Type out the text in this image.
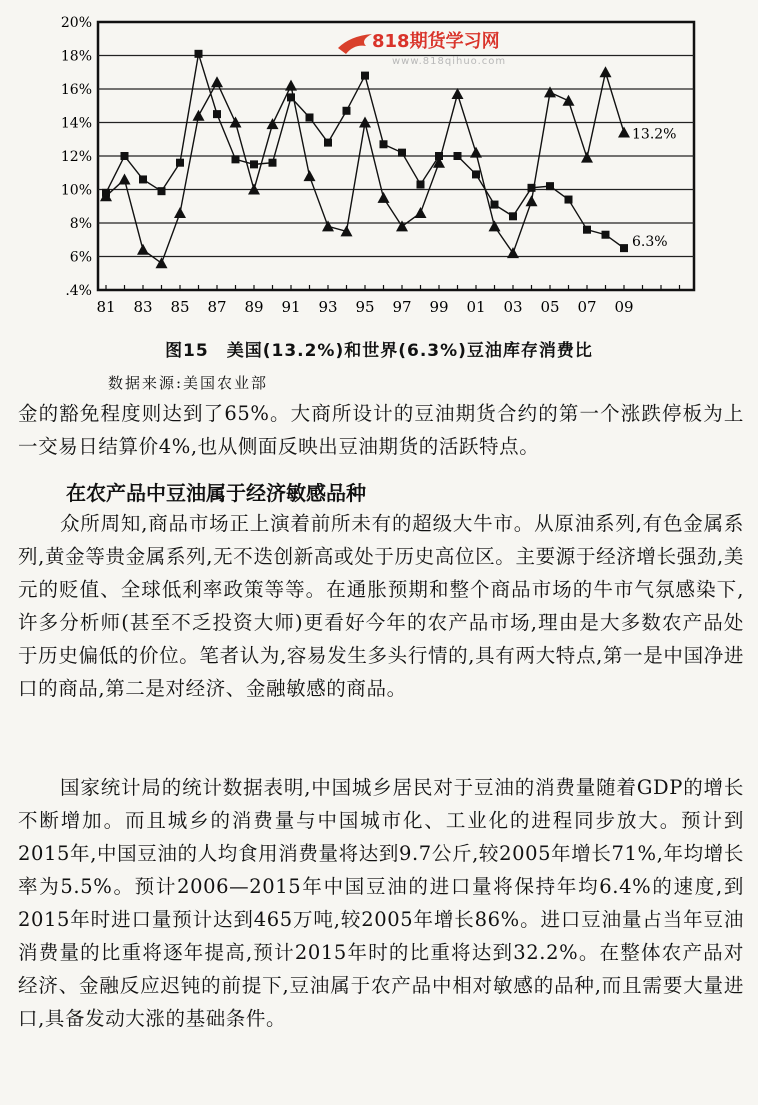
20%
18%
16%
14%
12%
10%
8%
6%
.4%
81 83 85 87 89 91 93 95 97 99 01 03 05 07 09
13.2%
6.3%
818期货学习网
www.818qihuo.com
图15　美国(13.2%)和世界(6.3%)豆油库存消费比
数据来源:美国农业部

金的豁免程度则达到了65%。大商所设计的豆油期货合约的第一个涨跌停板为上一交易日结算价4%,也从侧面反映出豆油期货的活跃特点。

在农产品中豆油属于经济敏感品种

众所周知,商品市场正上演着前所未有的超级大牛市。从原油系列,有色金属系列,黄金等贵金属系列,无不迭创新高或处于历史高位区。主要源于经济增长强劲,美元的贬值、全球低利率政策等等。在通胀预期和整个商品市场的牛市气氛感染下,许多分析师(甚至不乏投资大师)更看好今年的农产品市场,理由是大多数农产品处于历史偏低的价位。笔者认为,容易发生多头行情的,具有两大特点,第一是中国净进口的商品,第二是对经济、金融敏感的商品。

国家统计局的统计数据表明,中国城乡居民对于豆油的消费量随着GDP的增长不断增加。而且城乡的消费量与中国城市化、工业化的进程同步放大。预计到2015年,中国豆油的人均食用消费量将达到9.7公斤,较2005年增长71%,年均增长率为5.5%。预计2006—2015年中国豆油的进口量将保持年均6.4%的速度,到2015年时进口量预计达到465万吨,较2005年增长86%。进口豆油量占当年豆油消费量的比重将逐年提高,预计2015年时的比重将达到32.2%。在整体农产品对经济、金融反应迟钝的前提下,豆油属于农产品中相对敏感的品种,而且需要大量进口,具备发动大涨的基础条件。
